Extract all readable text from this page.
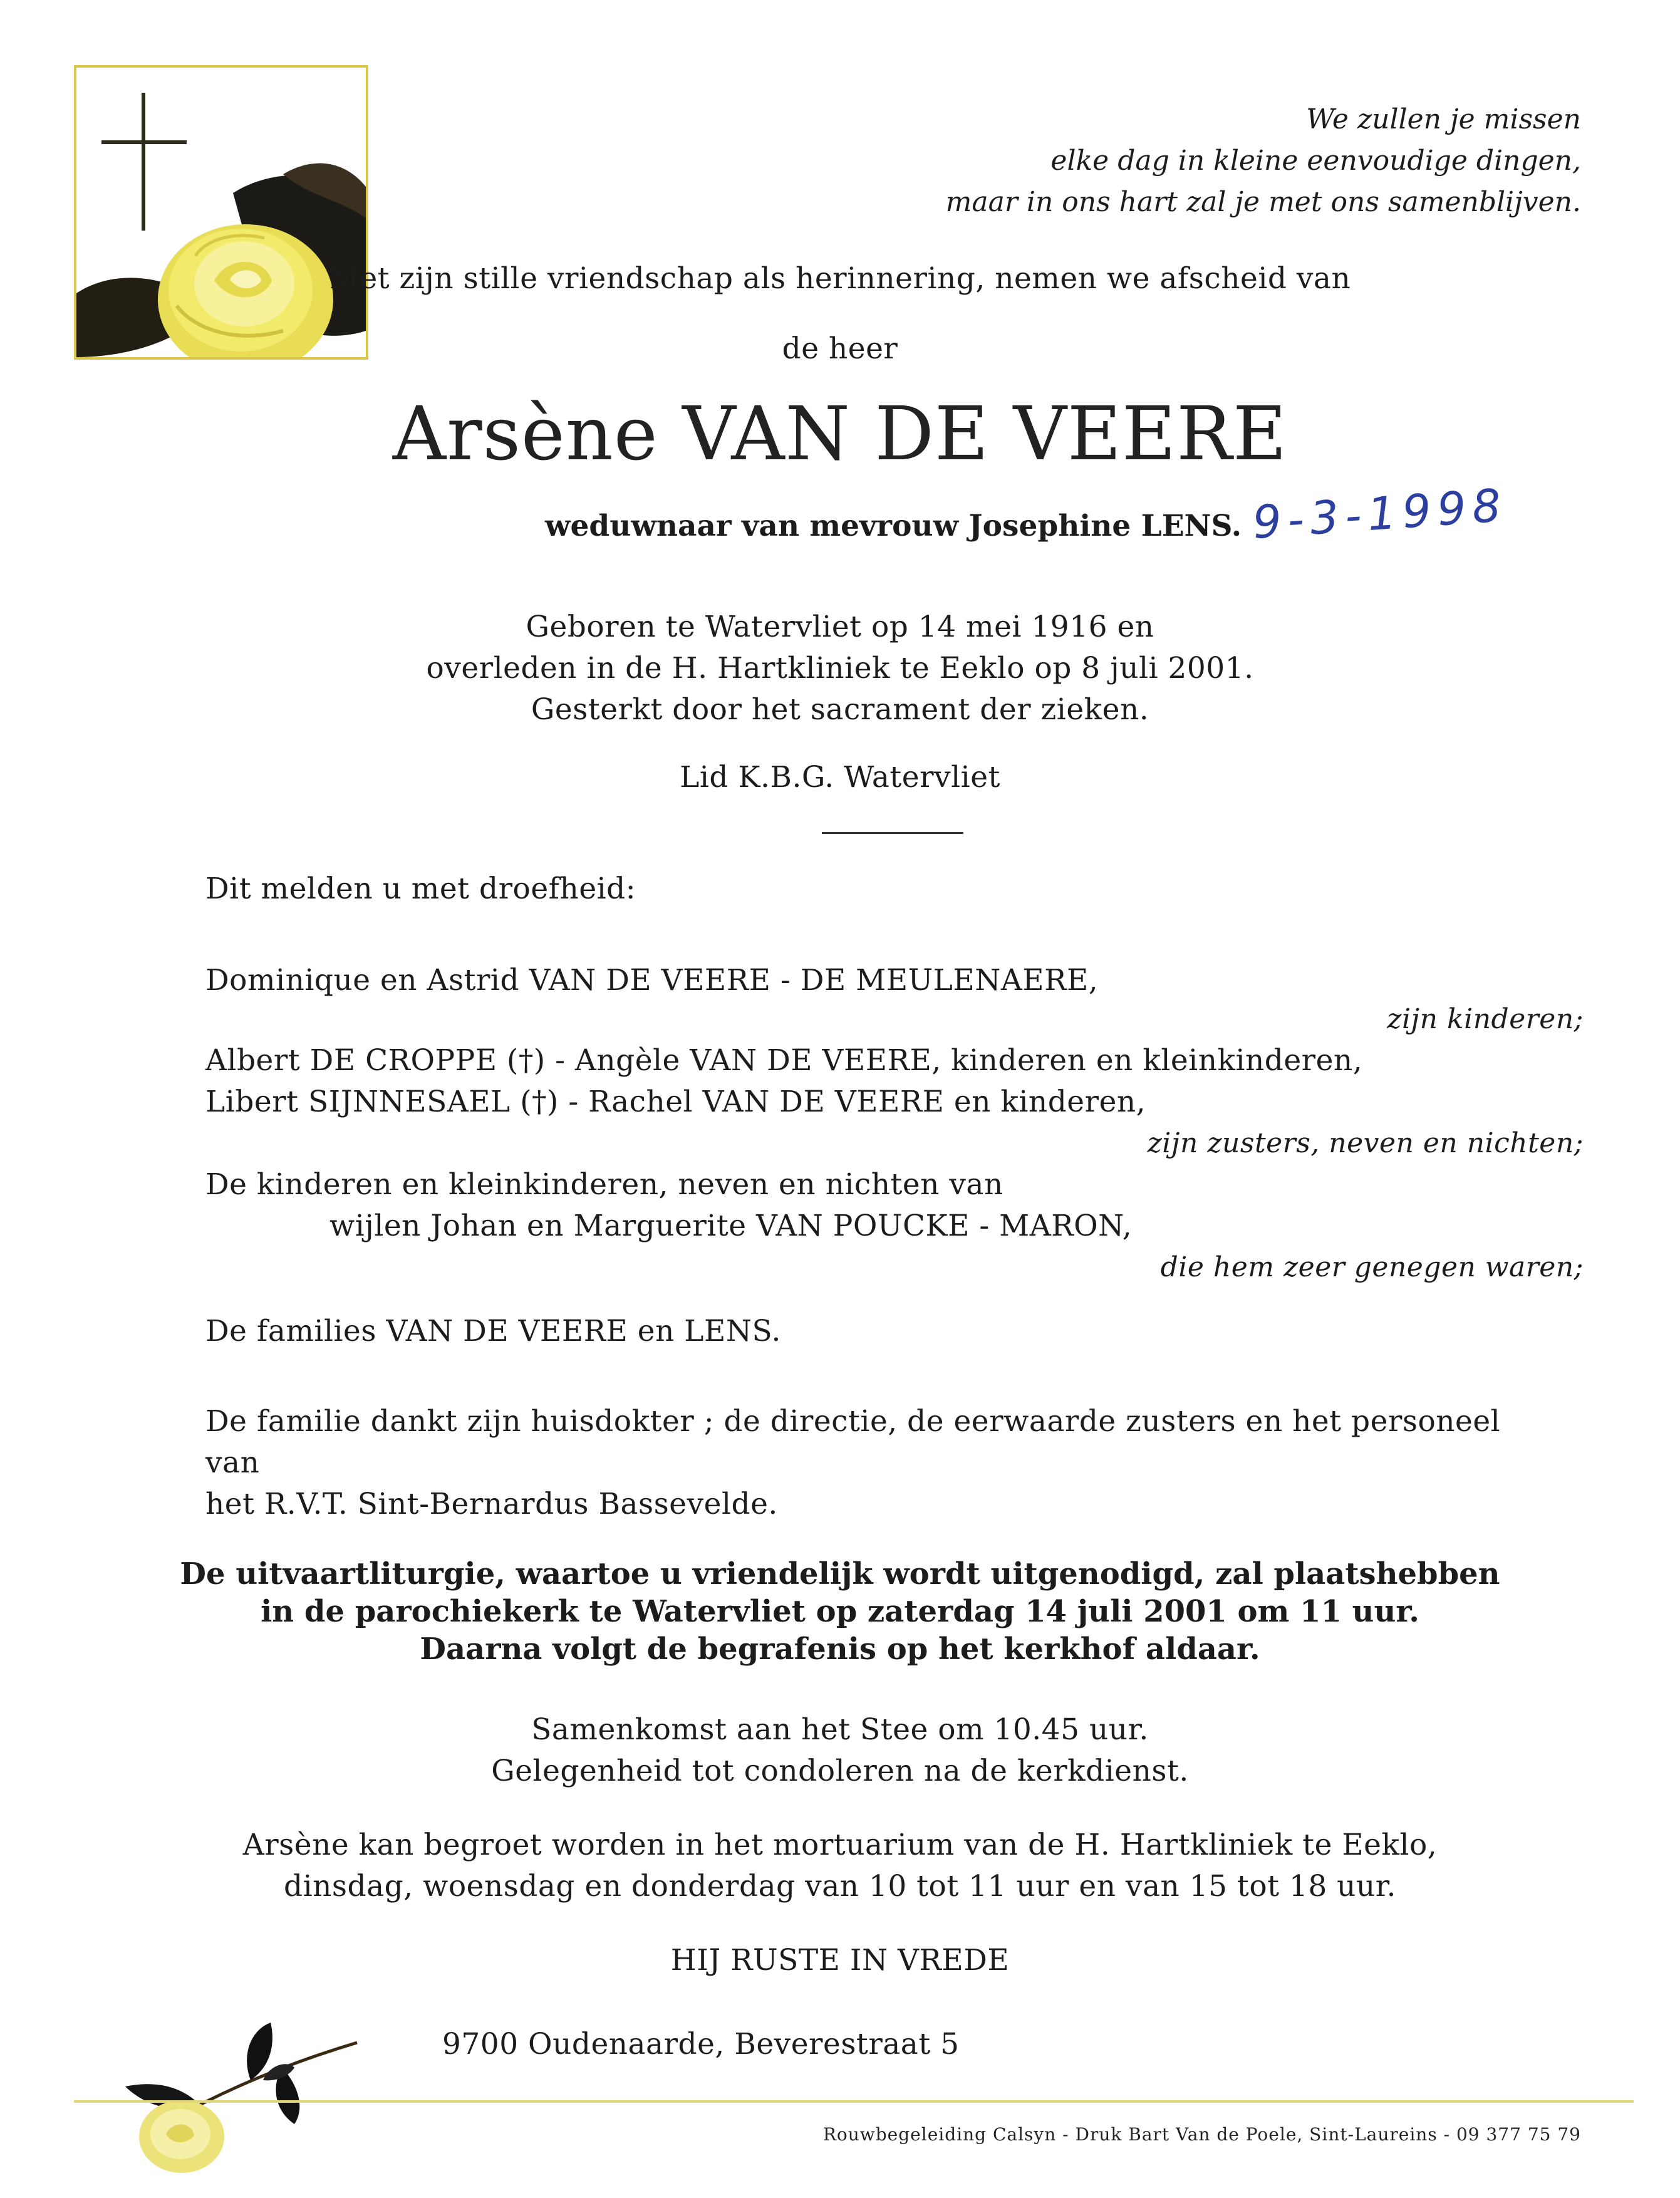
We zullen je missen
elke dag in kleine eenvoudige dingen,
maar in ons hart zal je met ons samenblijven.
Met zijn stille vriendschap als herinnering, nemen we afscheid van
de heer
Arsène VAN DE VEERE
weduwnaar van mevrouw Josephine LENS. 9-3-1998
Geboren te Watervliet op 14 mei 1916 en
overleden in de H. Hartkliniek te Eeklo op 8 juli 2001.
Gesterkt door het sacrament der zieken.
Lid K.B.G. Watervliet
Dit melden u met droefheid:
Dominique en Astrid VAN DE VEERE - DE MEULENAERE,
zijn kinderen;
Albert DE CROPPE (†) - Angèle VAN DE VEERE, kinderen en kleinkinderen,
Libert SIJNNESAEL (†) - Rachel VAN DE VEERE en kinderen,
zijn zusters, neven en nichten;
De kinderen en kleinkinderen, neven en nichten van
wijlen Johan en Marguerite VAN POUCKE - MARON,
die hem zeer genegen waren;
De families VAN DE VEERE en LENS.
De familie dankt zijn huisdokter ; de directie, de eerwaarde zusters en het personeel van
het R.V.T. Sint-Bernardus Bassevelde.
De uitvaartliturgie, waartoe u vriendelijk wordt uitgenodigd, zal plaatshebben
in de parochiekerk te Watervliet op zaterdag 14 juli 2001 om 11 uur.
Daarna volgt de begrafenis op het kerkhof aldaar.
Samenkomst aan het Stee om 10.45 uur.
Gelegenheid tot condoleren na de kerkdienst.
Arsène kan begroet worden in het mortuarium van de H. Hartkliniek te Eeklo,
dinsdag, woensdag en donderdag van 10 tot 11 uur en van 15 tot 18 uur.
HIJ RUSTE IN VREDE
9700 Oudenaarde, Beverestraat 5
Rouwbegeleiding Calsyn - Druk Bart Van de Poele, Sint-Laureins - 09 377 75 79
